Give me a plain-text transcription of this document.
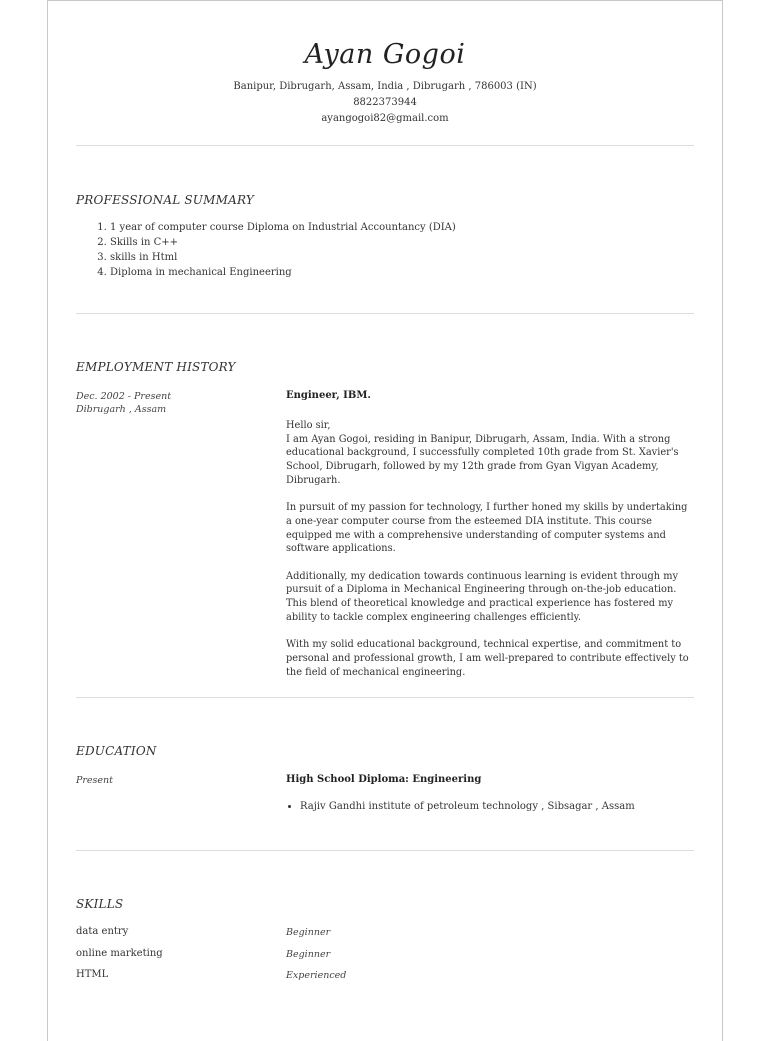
Ayan Gogoi
Banipur, Dibrugarh, Assam, India , Dibrugarh , 786003 (IN)
8822373944
ayangogoi82@gmail.com
PROFESSIONAL SUMMARY
1. 1 year of computer course Diploma on Industrial Accountancy (DIA)
2. Skills in C++
3. skills in Html
4. Diploma in mechanical Engineering
EMPLOYMENT HISTORY
Dec. 2002 - Present
Dibrugarh , Assam
Engineer, IBM.

Hello sir,
I am Ayan Gogoi, residing in Banipur, Dibrugarh, Assam, India. With a strong educational background, I successfully completed 10th grade from St. Xavier's School, Dibrugarh, followed by my 12th grade from Gyan Vigyan Academy, Dibrugarh.

In pursuit of my passion for technology, I further honed my skills by undertaking a one-year computer course from the esteemed DIA institute. This course equipped me with a comprehensive understanding of computer systems and software applications.

Additionally, my dedication towards continuous learning is evident through my pursuit of a Diploma in Mechanical Engineering through on-the-job education. This blend of theoretical knowledge and practical experience has fostered my ability to tackle complex engineering challenges efficiently.

With my solid educational background, technical expertise, and commitment to personal and professional growth, I am well-prepared to contribute effectively to the field of mechanical engineering.

EDUCATION
Present	High School Diploma: Engineering
• Rajiv Gandhi institute of petroleum technology , Sibsagar , Assam
SKILLS
data entry	Beginner
online marketing	Beginner
HTML	Experienced
